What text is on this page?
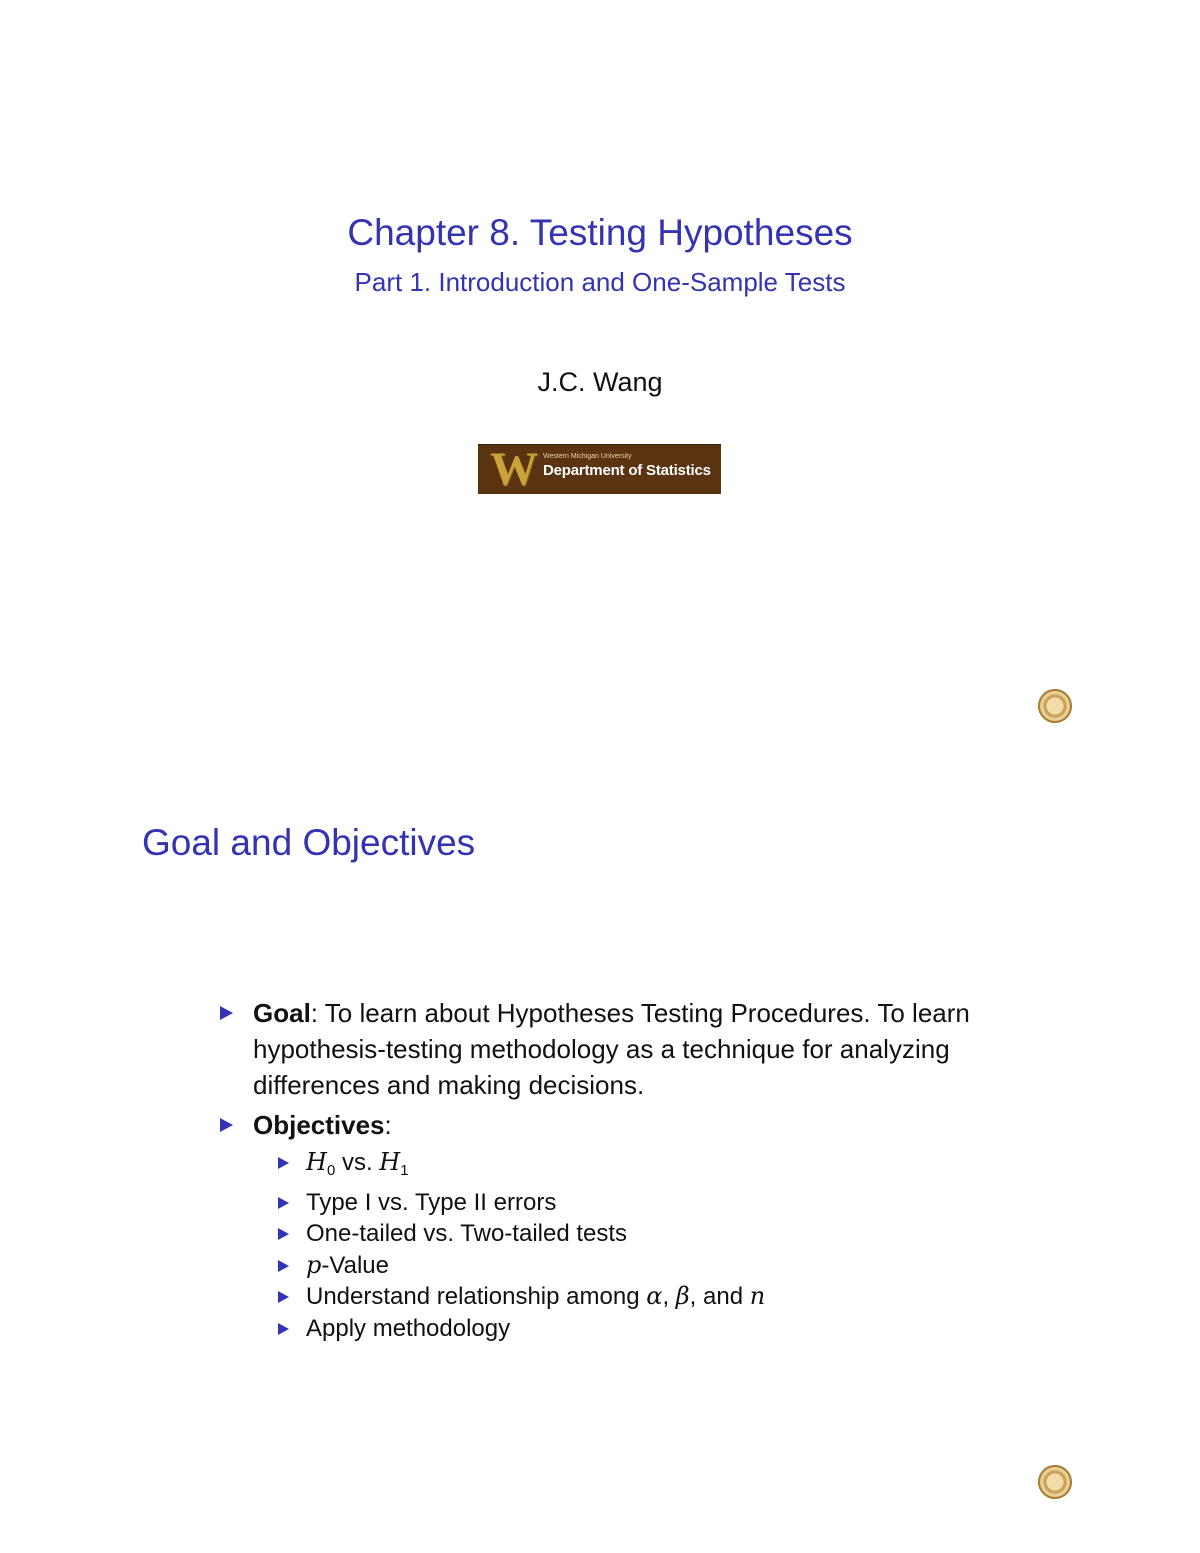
Chapter 8. Testing Hypotheses
Part 1. Introduction and One-Sample Tests
J.C. Wang
W Western Michigan University
Department of Statistics
Goal and Objectives
Goal: To learn about Hypotheses Testing Procedures. To learn hypothesis-testing methodology as a technique for analyzing differences and making decisions.
Objectives:
$H_0$ vs. $H_1$
Type I vs. Type II errors
One-tailed vs. Two-tailed tests
p-Value
Understand relationship among α, β, and n
Apply methodology
